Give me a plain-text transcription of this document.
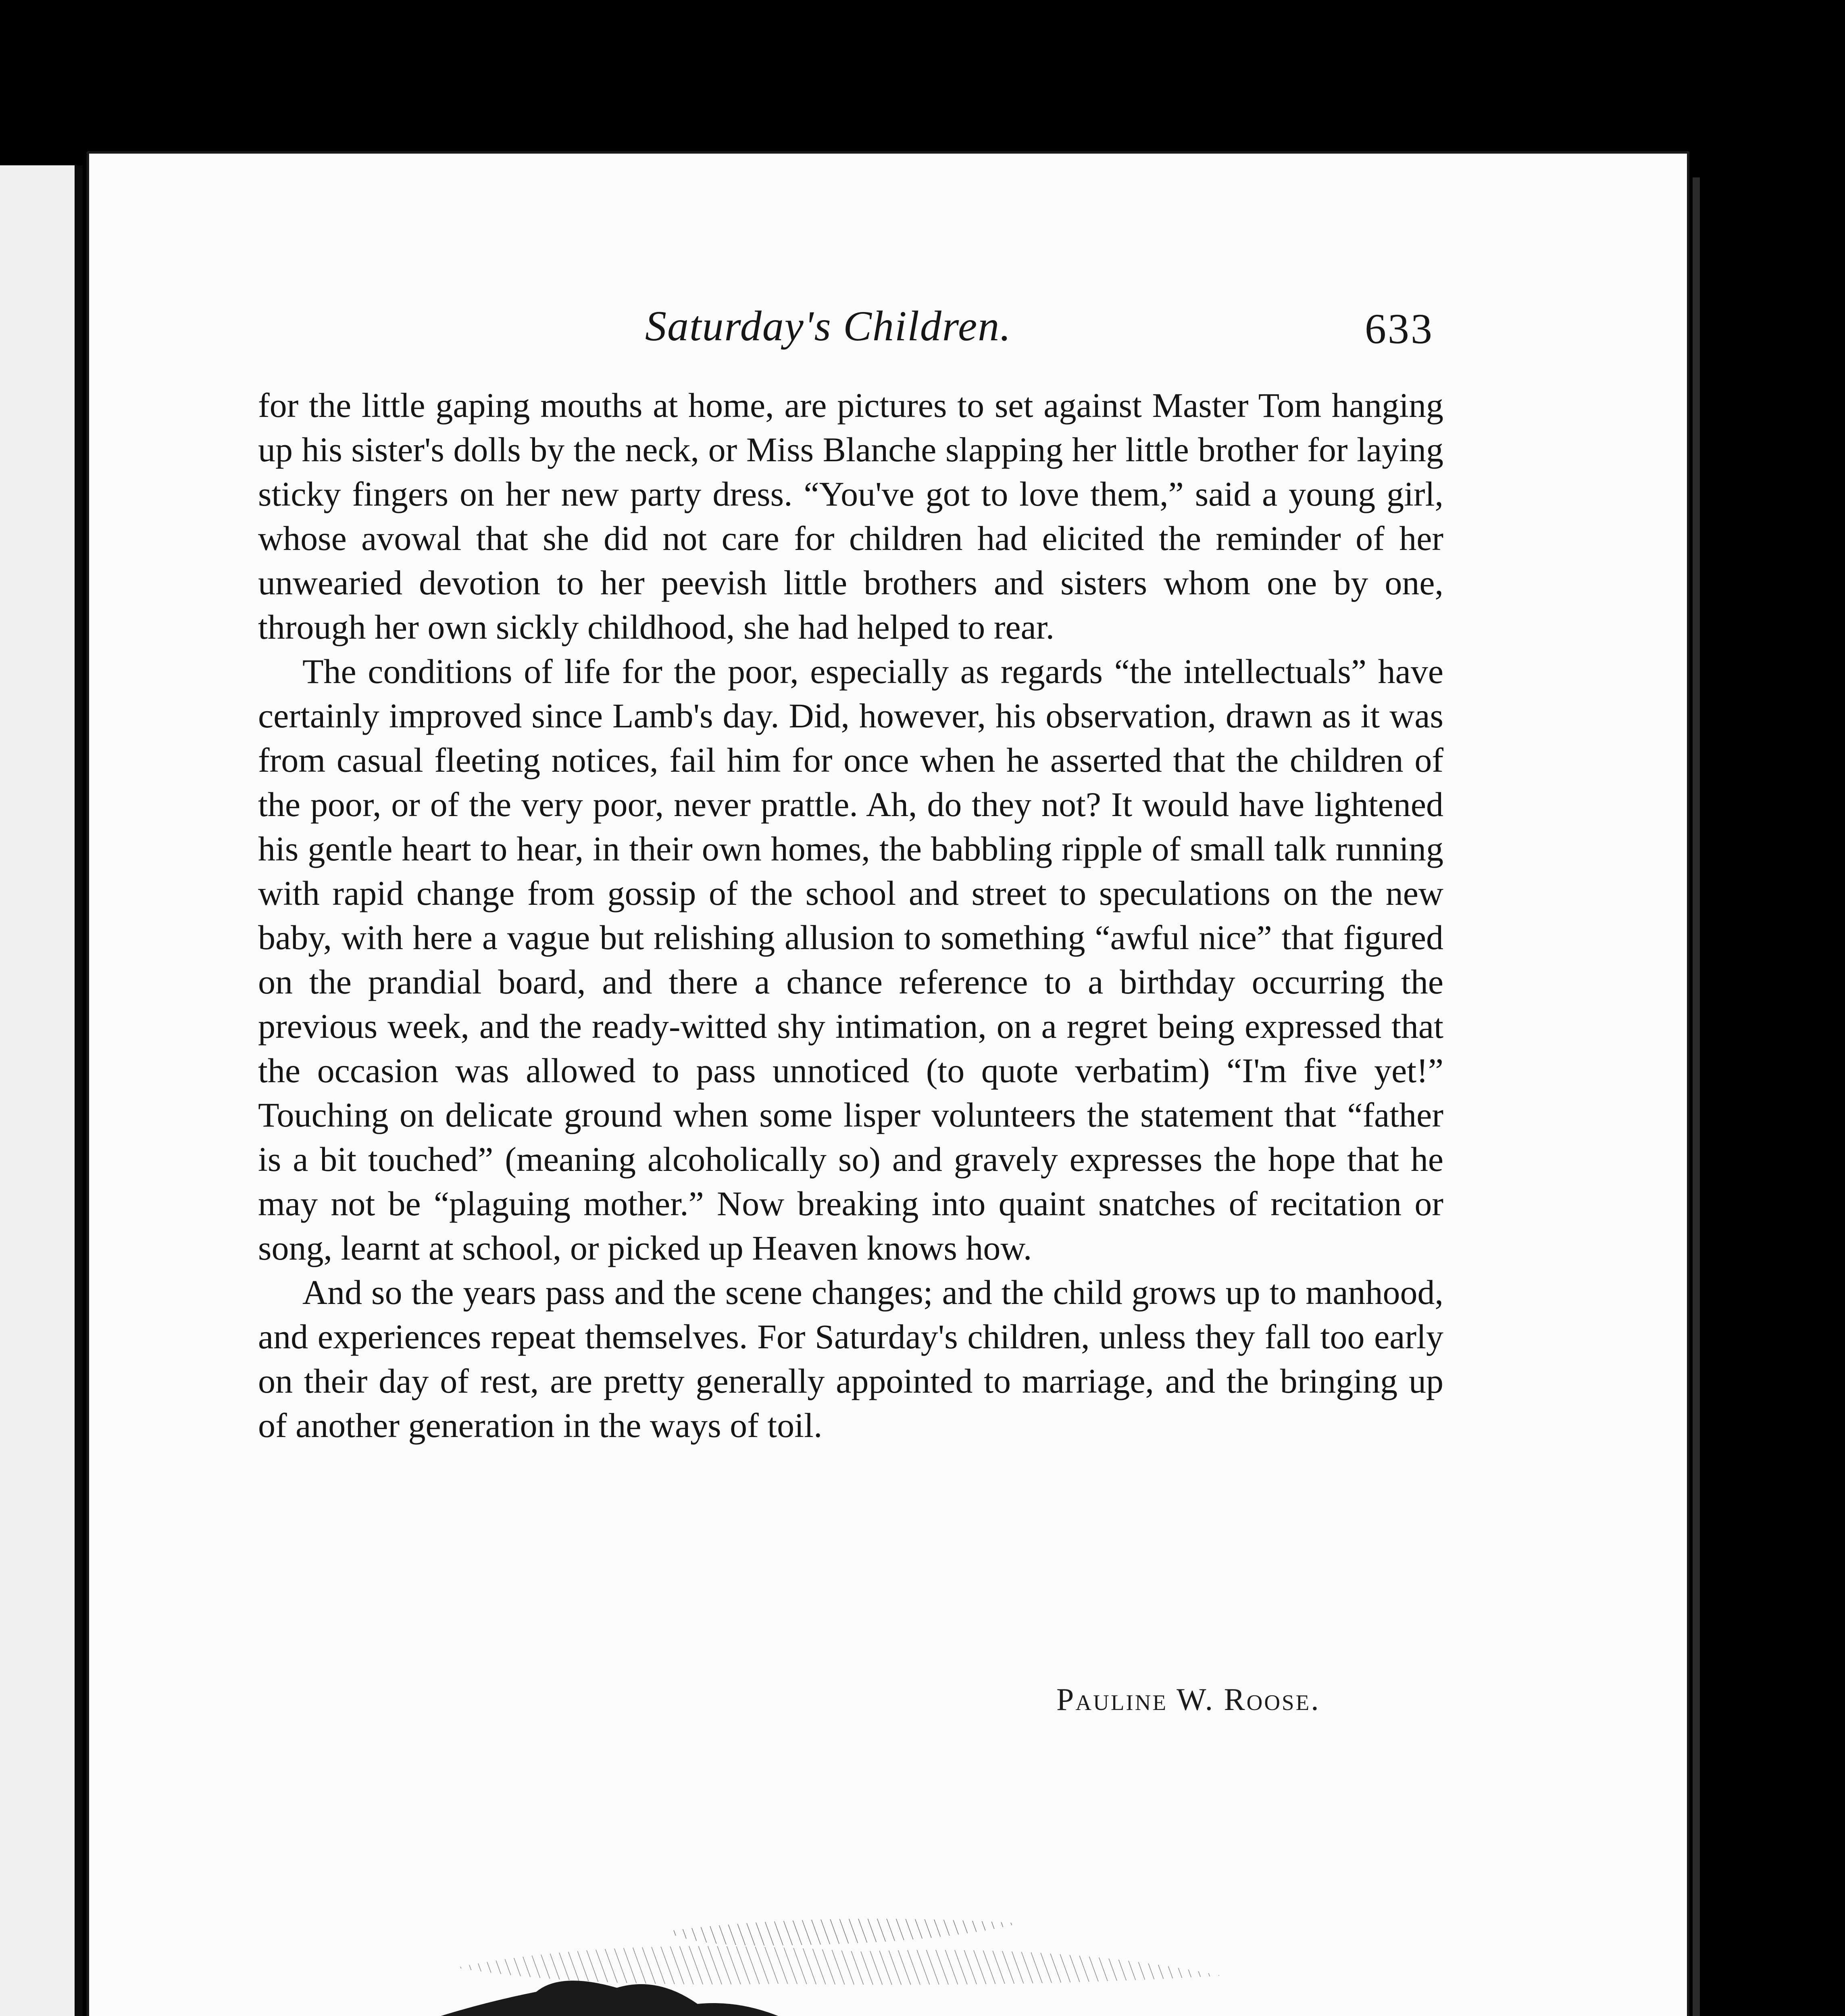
Saturday's Children.	633

for the little gaping mouths at home, are pictures to set against Master Tom hanging up his sister's dolls by the neck, or Miss Blanche slapping her little brother for laying sticky fingers on her new party dress. “You've got to love them,” said a young girl, whose avowal that she did not care for children had elicited the reminder of her unwearied devotion to her peevish little brothers and sisters whom one by one, through her own sickly childhood, she had helped to rear.

The conditions of life for the poor, especially as regards “the intellectuals” have certainly improved since Lamb's day. Did, however, his observation, drawn as it was from casual fleeting notices, fail him for once when he asserted that the children of the poor, or of the very poor, never prattle. Ah, do they not? It would have lightened his gentle heart to hear, in their own homes, the babbling ripple of small talk running with rapid change from gossip of the school and street to speculations on the new baby, with here a vague but relishing allusion to something “awful nice” that figured on the prandial board, and there a chance reference to a birthday occurring the previous week, and the ready-witted shy intimation, on a regret being expressed that the occasion was allowed to pass unnoticed (to quote verbatim) “I'm five yet!” Touching on delicate ground when some lisper volunteers the statement that “father is a bit touched” (meaning alcoholically so) and gravely expresses the hope that he may not be “plaguing mother.” Now breaking into quaint snatches of recitation or song, learnt at school, or picked up Heaven knows how.

And so the years pass and the scene changes; and the child grows up to manhood, and experiences repeat themselves. For Saturday's children, unless they fall too early on their day of rest, are pretty generally appointed to marriage, and the bringing up of another generation in the ways of toil.

Pauline W. Roose.
